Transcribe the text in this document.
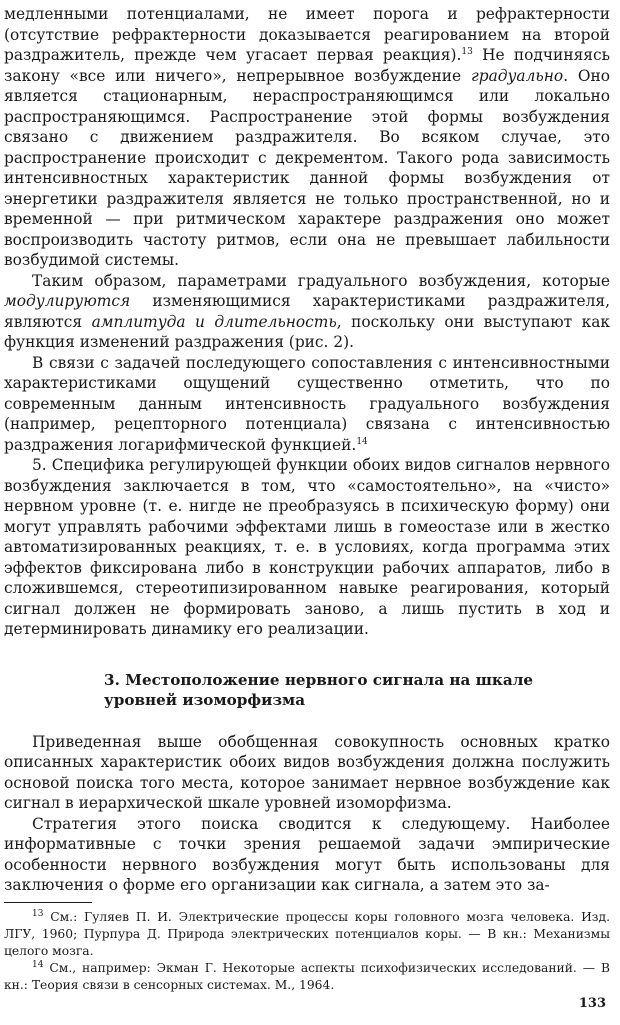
медленными потенциалами, не имеет порога и рефрактерности (отсутствие рефрактерности доказывается реагированием на второй раздражитель, прежде чем угасает первая реакция).$^{13}$ Не подчиняясь закону «все или ничего», непрерывное возбуждение градуально. Оно является стационарным, нераспространяющимся или локально распространяющимся. Распространение этой формы возбуждения связано с движением раздражителя. Во всяком случае, это распространение происходит с декрементом. Такого рода зависимость интенсивностных характеристик данной формы возбуждения от энергетики раздражителя является не только пространственной, но и временной — при ритмическом характере раздражения оно может воспроизводить частоту ритмов, если она не превышает лабильности возбудимой системы.

Таким образом, параметрами градуального возбуждения, которые модулируются изменяющимися характеристиками раздражителя, являются амплитуда и длительность, поскольку они выступают как функция изменений раздражения (рис. 2).

В связи с задачей последующего сопоставления с интенсивностными характеристиками ощущений существенно отметить, что по современным данным интенсивность градуального возбуждения (например, рецепторного потенциала) связана с интенсивностью раздражения логарифмической функцией.$^{14}$

5. Специфика регулирующей функции обоих видов сигналов нервного возбуждения заключается в том, что «самостоятельно», на «чисто» нервном уровне (т. е. нигде не преобразуясь в психическую форму) они могут управлять рабочими эффектами лишь в гомеостазе или в жестко автоматизированных реакциях, т. е. в условиях, когда программа этих эффектов фиксирована либо в конструкции рабочих аппаратов, либо в сложившемся, стереотипизированном навыке реагирования, который сигнал должен не формировать заново, а лишь пустить в ход и детерминировать динамику его реализации.

3. Местоположение нервного сигнала на шкале уровней изоморфизма

Приведенная выше обобщенная совокупность основных кратко описанных характеристик обоих видов возбуждения должна послужить основой поиска того места, которое занимает нервное возбуждение как сигнал в иерархической шкале уровней изоморфизма.

Стратегия этого поиска сводится к следующему. Наиболее информативные с точки зрения решаемой задачи эмпирические особенности нервного возбуждения могут быть использованы для заключения о форме его организации как сигнала, а затем это за-

$^{13}$ См.: Гуляев П. И. Электрические процессы коры головного мозга человека. Изд. ЛГУ, 1960; Пурпура Д. Природа электрических потенциалов коры. — В кн.: Механизмы целого мозга.

$^{14}$ См., например: Экман Г. Некоторые аспекты психофизических исследований. — В кн.: Теория связи в сенсорных системах. М., 1964.

133
